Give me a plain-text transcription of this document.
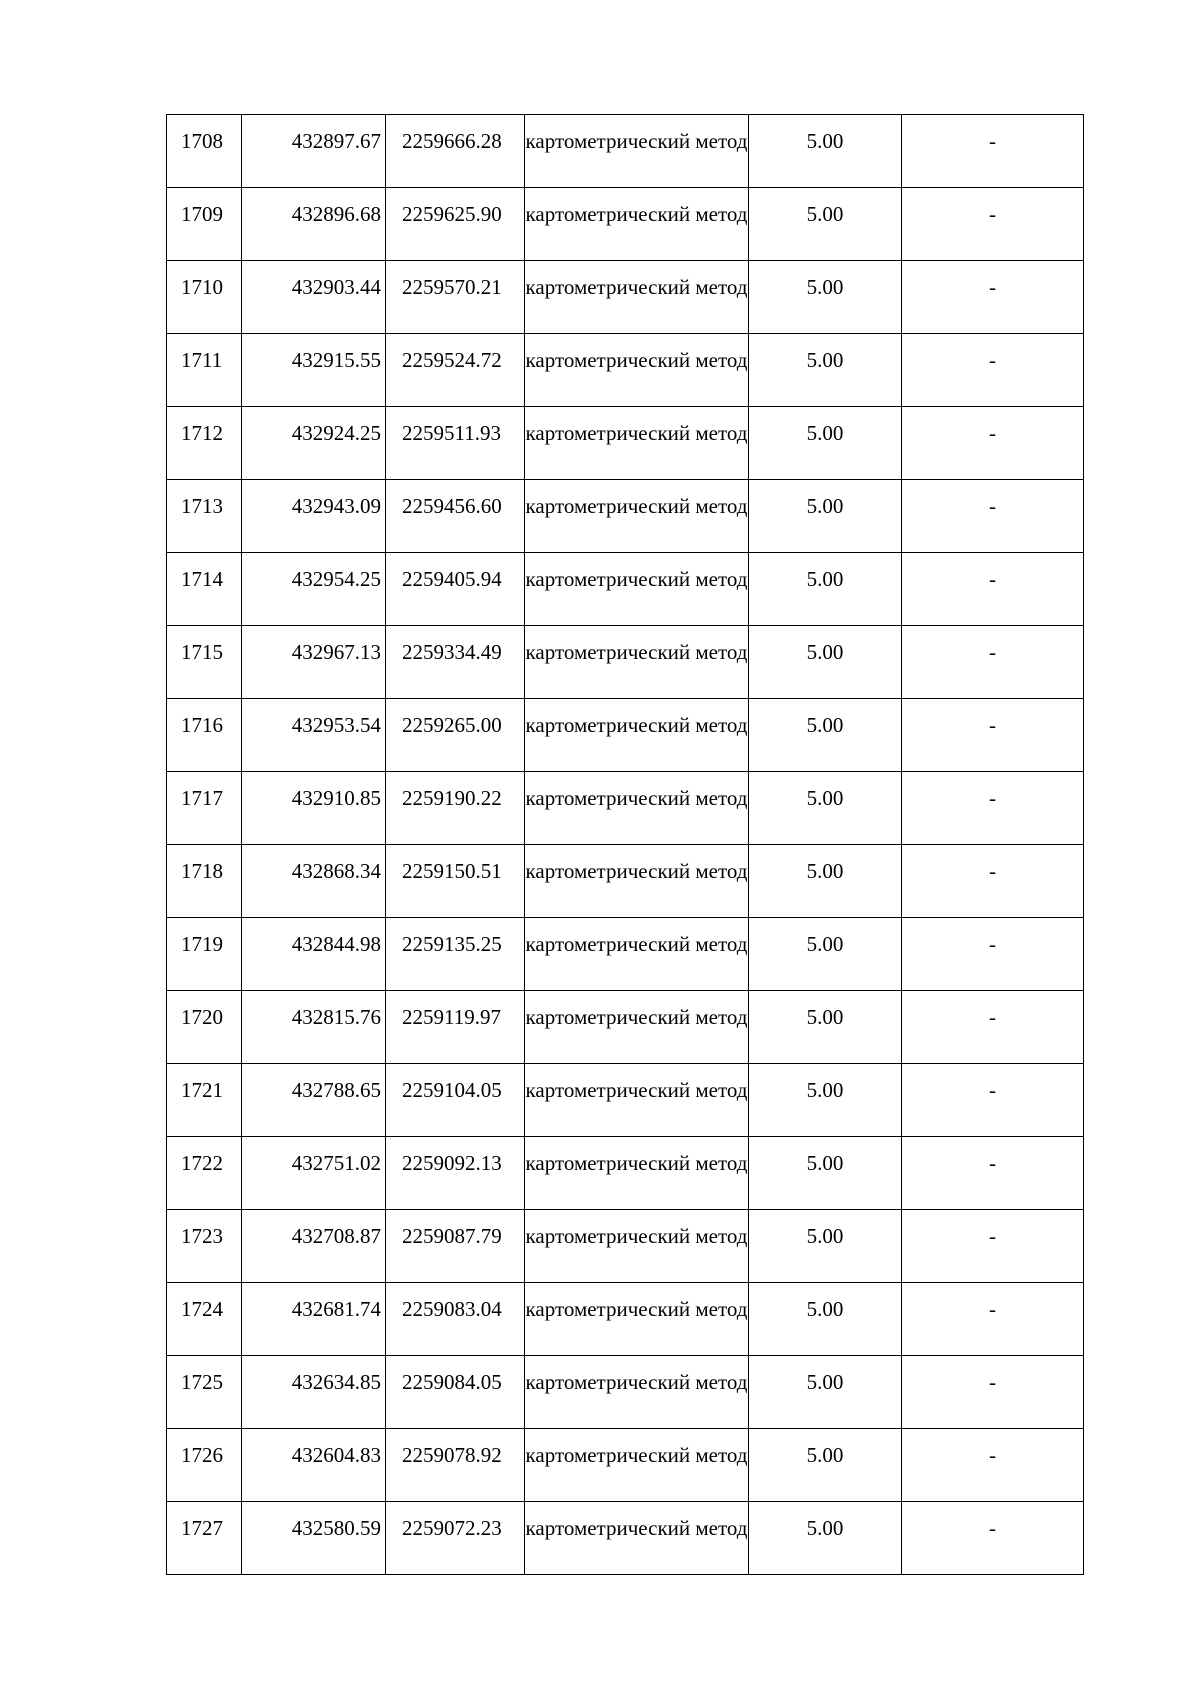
1708	432897.67	2259666.28	картометрический метод	5.00	-
1709	432896.68	2259625.90	картометрический метод	5.00	-
1710	432903.44	2259570.21	картометрический метод	5.00	-
1711	432915.55	2259524.72	картометрический метод	5.00	-
1712	432924.25	2259511.93	картометрический метод	5.00	-
1713	432943.09	2259456.60	картометрический метод	5.00	-
1714	432954.25	2259405.94	картометрический метод	5.00	-
1715	432967.13	2259334.49	картометрический метод	5.00	-
1716	432953.54	2259265.00	картометрический метод	5.00	-
1717	432910.85	2259190.22	картометрический метод	5.00	-
1718	432868.34	2259150.51	картометрический метод	5.00	-
1719	432844.98	2259135.25	картометрический метод	5.00	-
1720	432815.76	2259119.97	картометрический метод	5.00	-
1721	432788.65	2259104.05	картометрический метод	5.00	-
1722	432751.02	2259092.13	картометрический метод	5.00	-
1723	432708.87	2259087.79	картометрический метод	5.00	-
1724	432681.74	2259083.04	картометрический метод	5.00	-
1725	432634.85	2259084.05	картометрический метод	5.00	-
1726	432604.83	2259078.92	картометрический метод	5.00	-
1727	432580.59	2259072.23	картометрический метод	5.00	-
